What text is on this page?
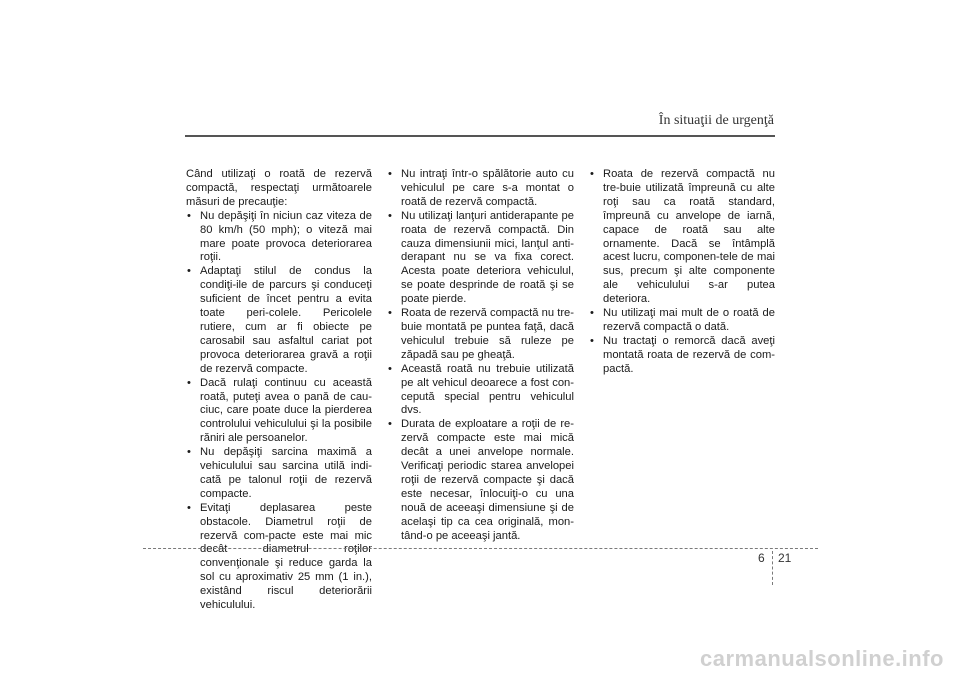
În situaţii de urgenţă

Când utilizaţi o roată de rezervă compactă, respectaţi următoarele măsuri de precauţie:

• Nu depăşiţi în niciun caz viteza de 80 km/h (50 mph); o viteză mai mare poate provoca deteriorarea roţii.
• Adaptaţi stilul de condus la condiţi-ile de parcurs şi conduceţi suficient de încet pentru a evita toate peri-colele. Pericolele rutiere, cum ar fi obiecte pe carosabil sau asfaltul cariat pot provoca deteriorarea gravă a roţii de rezervă compacte.
• Dacă rulaţi continuu cu această roată, puteţi avea o pană de cau-ciuc, care poate duce la pierderea controlului vehiculului şi la posibile răniri ale persoanelor.
• Nu depăşiţi sarcina maximă a vehiculului sau sarcina utilă indi-cată pe talonul roţii de rezervă compacte.
• Evitaţi deplasarea peste obstacole. Diametrul roţii de rezervă com-pacte este mai mic decât diametrul roţilor convenţionale şi reduce garda la sol cu aproximativ 25 mm (1 in.), existând riscul deteriorării vehiculului.
• Nu intraţi într-o spălătorie auto cu vehiculul pe care s-a montat o roată de rezervă compactă.
• Nu utilizaţi lanţuri antiderapante pe roata de rezervă compactă. Din cauza dimensiunii mici, lanţul anti-derapant nu se va fixa corect. Acesta poate deteriora vehiculul, se poate desprinde de roată şi se poate pierde.
• Roata de rezervă compactă nu tre-buie montată pe puntea faţă, dacă vehiculul trebuie să ruleze pe zăpadă sau pe gheaţă.
• Această roată nu trebuie utilizată pe alt vehicul deoarece a fost con-cepută special pentru vehiculul dvs.
• Durata de exploatare a roţii de re-zervă compacte este mai mică decât a unei anvelope normale. Verificaţi periodic starea anvelopei roţii de rezervă compacte şi dacă este necesar, înlocuiţi-o cu una nouă de aceeaşi dimensiune şi de acelaşi tip ca cea originală, mon-tând-o pe aceeaşi jantă.
• Roata de rezervă compactă nu tre-buie utilizată împreună cu alte roţi sau ca roată standard, împreună cu anvelope de iarnă, capace de roată sau alte ornamente. Dacă se întâmplă acest lucru, componen-tele de mai sus, precum şi alte componente ale vehiculului s-ar putea deteriora.
• Nu utilizaţi mai mult de o roată de rezervă compactă o dată.
• Nu tractaţi o remorcă dacă aveţi montată roata de rezervă de com-pactă.
6 21
carmanualsonline.info
